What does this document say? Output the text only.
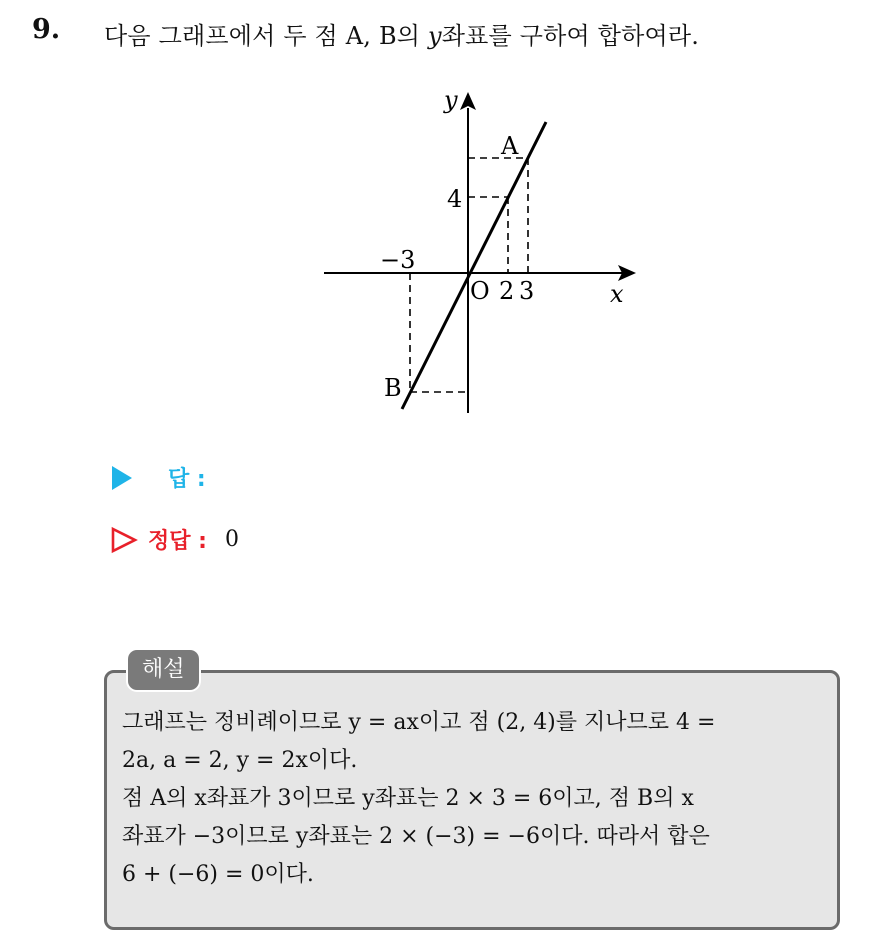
9. 다음 그래프에서 두 점 A, B의 y좌표를 구하여 합하여라.
y
x
O
A
B
−3
2 3
4
답 :
정답 : 0
해설

그래프는 정비례이므로 y = ax이고 점 (2, 4)를 지나므로 4 =

2a, a = 2, y = 2x이다.

점 A의 x좌표가 3이므로 y좌표는 2 × 3 = 6이고, 점 B의 x

좌표가 −3이므로 y좌표는 2 × (−3) = −6이다. 따라서 합은

6 + (−6) = 0이다.
